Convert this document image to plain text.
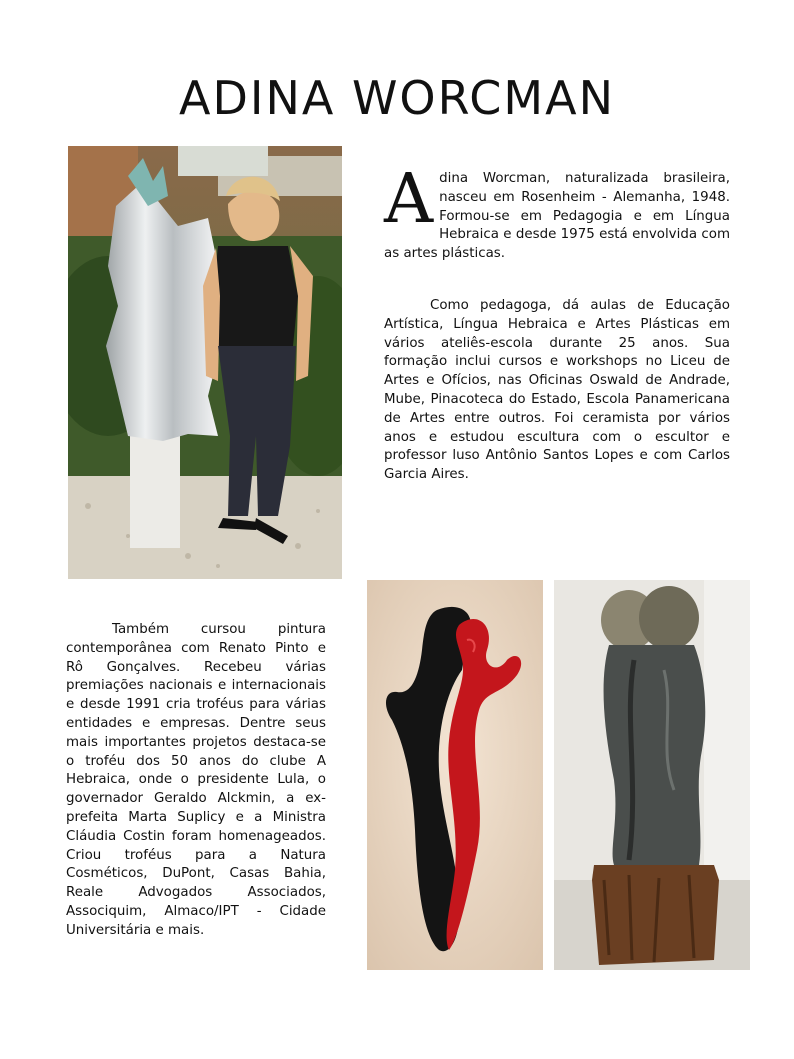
ADINA WORCMAN
Adina Worcman, naturalizada brasileira, nasceu em Rosenheim - Alemanha, 1948. Formou-se em Pedagogia e em Língua Hebraica e desde 1975 está envolvida com as artes plásticas.
Como pedagoga, dá aulas de Educação Artística, Língua Hebraica e Artes Plásticas em vários ateliês-escola durante 25 anos. Sua formação inclui cursos e workshops no Liceu de Artes e Ofícios, nas Oficinas Oswald de Andrade, Mube, Pinacoteca do Estado, Escola Panamericana de Artes entre outros. Foi ceramista por vários anos e estudou escultura com o escultor e professor luso Antônio Santos Lopes e com Carlos Garcia Aires.
Também cursou pintura contemporânea com Renato Pinto e Rô Gonçalves. Recebeu várias premiações nacionais e internacionais e desde 1991 cria troféus para várias entidades e empresas. Dentre seus mais importantes projetos destaca-se o troféu dos 50 anos do clube A Hebraica, onde o presidente Lula, o governador Geraldo Alckmin, a ex-prefeita Marta Suplicy e a Ministra Cláudia Costin foram homenageados. Criou troféus para a Natura Cosméticos, DuPont, Casas Bahia, Reale Advogados Associados, Associquim, Almaco/IPT - Cidade Universitária e mais.
